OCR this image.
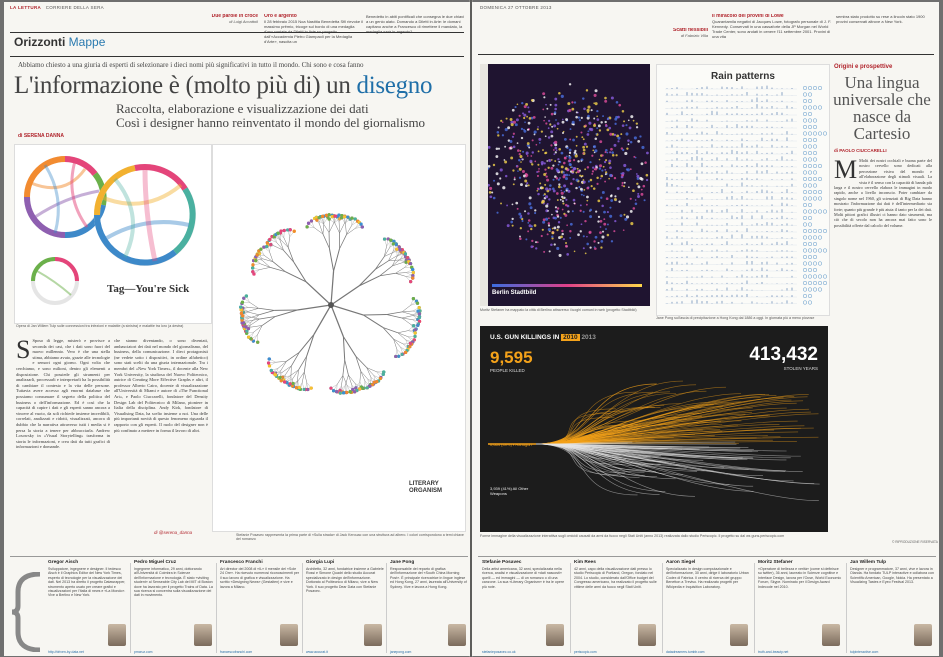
LA LETTURA CORRIERE DELLA SERA
Due parole in croce
di Luigi Accattoli
Oro e argento
Il 28 febbraio 2015 Noa Nastitia Benedetta Sfil rievoke il massimo prêmio, tricoge sul bordo di una medaglia dall'«Accademia Pietro Giampaoli per la Medaglia d'Arte», nascita un
Benedetto in abiti pontificali che consegna le due chiavi a un genio alato. Domando a Diletti in Arte: le domani capitano anche a Francesco di rimettere il mandato, la
Orizzonti Mappe
Abbiamo chiesto a una giuria di esperti di selezionare i dieci nomi più significativi in tutto il mondo. Chi sono e cosa fanno
L'informazione è (molto più di) un disegno
Raccolta, elaborazione e visualizzazione dei dati
Così i designer hanno reinventato il mondo del giornalismo
di SERENA DANNA
Tag—You're Sick
Opera di Jan Willem Tulp sulle connessioni tra infezioni e malattie (a sinistra) e malattie tra loro (a destra)
LITERARY ORGANISM
Stefanie Posavec rappresenta la prima parte di «Sulla strada» di Jack Kerouac con una struttura ad albero. I colori corrispondono a temi chiave del romanzo
S Sposo di legge, misterò e provisce a seconda dei casi, che i dati sono fuori del nuovo millennio. Vero è che una stella stima, abbiamo avuto, grazie alle tecnologie e sensori ogni giorno. Ogni volta che cerchiamo, e sono milioni, dentro gli elementi a disposizione. Chi possiede gli strumenti per analizzarli, processarli e interpretarli ha la possibilità di cambiare il contesto e la vita delle persone. Tuttavia avere accesso agli enormi database che possiamo consumare il segreto della politica del business o dell'informazione. Ed è così che la capacità di capire i dati e gli esperti sanno ancora a vincere al vuoto, da soli richiede insieme incredibili, correlati, analizzati e ridotti, visualizzati, ancora di dubbio che la narrativa attraverso tutti i media si è persa la storia a tenere per abbracciarla. Andrew Losowsky in «Visual Storytelling» trasforma in storia le informazioni, e crea dati da tutti grafici di informazioni e domande.
che stanno diventando, o sono diventati, ambasciatori dei dati nel mondo del giornalismo, del business, della comunicazione. I dieci protagonisti (ne vedete sotto i dispositivi, in ordine alfabetico) sono stati scelti da una giuria internazionale. Tra i membri del «New York Times», il docente alla New York University, la studiosa del Nuovo Politecnico, autrice di Creating More Effective Graphs e altri, il professor Alberto Cairo, docente di visualizzazione all'Università di Miami e autore di «The Functional Art», e Paolo Ciuccarelli, fondatore del Density Design Lab del Politecnico di Milano, pioniere in Italia della disciplina. Andy Kirk, fondatore di Visualising Data, ha scelto insieme a noi. Una delle più importanti novità di questo fenomeno riguarda il rapporto con gli esperti. Il ruolo del designer non è più confinato a mettere in forma il lavoro di altri.
di @serena_danna
Gregor Aisch
Sviluppatore, ingegnere e designer. Il tedesco Aisch è il Graphics Editor del New York Times, esperto di tecnologie per la visualizzazione dei dati. Nel 2013 ha diretto il progetto Datawrapper, strumento aperto usato per creare grafici e visualizzazioni per l'Italia di news e «La Mondo». Vive a Berlino e New York.
http://driven-by-data.net
Pedro Miguel Cruz
Ingegnere informatico, 29 anni, dottorando all'Università di Coimbra in Scienze dell'Informazione e tecnologia. È stato «visiting student» al Senseable City Lab del MIT di Boston dove ha lavorato per il progetto Trains of Data. La sua ricerca si concentra sulla visualizzazione dei dati in movimento.
pmcruz.com
Francesco Franchi
Art director del 2008 di «IL» il mensile del «Sole 24 Ore». Ha ricevuto numerosi riconoscimenti per il suo lavoro di grafica e visualizzazione. Ha scritto «Designing News» (Gestalten) e vive e lavora a Milano.
francescofranchi.com
Giorgia Lupi
Architetto, 32 anni, fondatrice insieme a Gabriele Rossi e Simone Quadri dello studio Accurat specializzato in design dell'informazione. Dottorato al Politecnico di Milano, vive a New York. Il suo progetto Dear Data con Stefanie Posavec.
www.accurat.it
Jane Pong
Responsabile del reparto di grafica dell'informazione del «South China Morning Post». È principale ricercatrice in lingue inglese ed Hong Kong, 27 anni, laureata all'University of Sydney. Vive e lavora a Hong Kong.
janepong.com
DOMENICA 27 OTTOBRE 2013
Il miracolo dei provini di Lowe
Quarantamila negativi di Jacques Lowe, fotografo personale di J. F. Kennedy. Conservati in una cassaforte della JP Morgan nel World Trade Center, sono andati in cenere l'11 settembre 2001. Provini di una vita
Scatti flessibili
di Fabrizio Villa
sembra stato prodotto su rese a lincoln stato 1900 provini conservati altrove a New York.
Berlin Stadtbild
Moritz Stefaner ha mappato la città di Berlino attraverso i luoghi comuni in web (progetto Stadtbild)
Rain patterns
Jane Pong sull'ascia di precipitazione a Hong Kong dal 1886 a oggi. In giornata più a meno piovose
Origini e prospettive
Una lingua universale che nasce da Cartesio
di PAOLO CIUCCARELLI
M Molti dei nostri occhiali e buona parte del nostro cervello sono dedicati alla percezione visiva del mondo e all'elaborazione degli stimoli visuali. La vista è il senso con la capacità di banda più larga e il nostro cervello elabora le immagini in modo rapido, anche a livello inconscio. Poter cambiare da singolo nome nel 1960, gli scienziati di Big Data hanno mostrato l'informazione dai dati è dell'intermediario sia forte; quanto più grande è più aiuta il tanto per la dei dati. Molti pittori grafici illustri ci hanno dato strumenti, ma ciò che di secolo non ha ancora mai fatto sono le possibilità offerte dal calcolo del volume.
© RIPRODUZIONE RISERVATA
U.S. GUN KILLINGS IN 2010 2013
9,595
PEOPLE KILLED
413,432
STOLEN YEARS
0,664 (49%) • Handgun
3,939 (41%) All Other Weapons
Forme immagine della visualizzazione interattiva sugli omicidi causati da armi da fuoco negli Stati Uniti (anno 2013) realizzata dallo studio Periscopic. Il progetto su dal ws guns.periscopic.com
Stefanie Posavec
Della artist americana, 32 anni, specializzata nella ricerca, analisi e visualizzazione di «dati nascosti» quelli — ed immagini — di un romanzo o di una canzone. La sua «Literary Organism» è tra le opere più note.
stefanieposavec.co.uk
Kim Rees
42 anni, capo della visualizzazione dati presso lo studio Periscopic di Portland, Oregon, fondato nel 2004. Lo studio, considerato dall'Office budget del Congresso americano, ha realizzato il progetto sulle vittime delle armi da fuoco negli Stati Uniti.
periscopic.com
Aaron Siegel
Specializzato in design computazionale e dell'informazione, 30 anni, dirige il laboratorio Urban Codex di Fabrica. Il centro di ricerca del gruppo Benetton a Treviso. Ha realizzato progetti per Wikipedia e Inquisition Laboratory.
datadreamers.tumblr.com
Moritz Stefaner
«Operatore di bellezza e verità» (come si definisce su twitter), 36 anni, laureato in Scienze cognitive e Interface Design, lavora per l'Ocse, World Economic Forum, Skype. Nominato per il Design Award Indecode nel 2010.
truth-and-beauty.net
Jan Willem Tulp
Designer e programmatore, 37 anni, vive e lavora in Olanda. Ha fondato TULP interactive e collabora con Scientific American, Google, Nokia. Ha presentato a Visualizing Tastes e Eyeo Festival 2013.
tulpinteractive.com
